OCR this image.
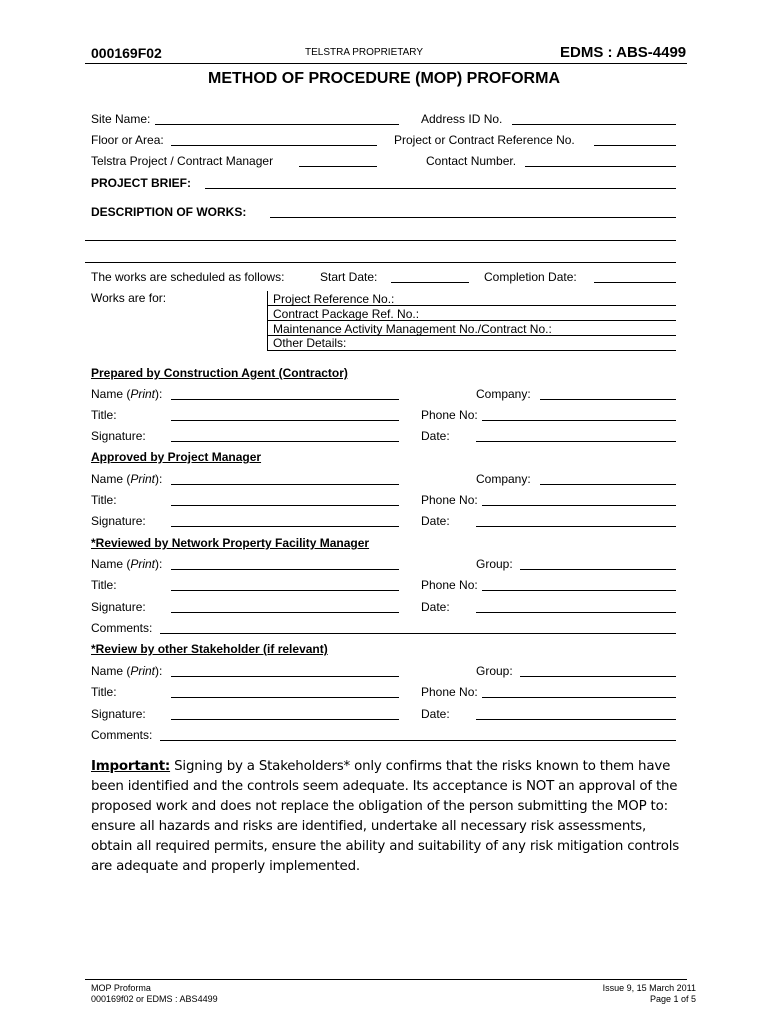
000169F02	TELSTRA PROPRIETARY	EDMS : ABS-4499
METHOD OF PROCEDURE (MOP) PROFORMA
Site Name:	Address ID No.
Floor or Area:	Project or Contract Reference No.
Telstra Project / Contract Manager	Contact Number.
PROJECT BRIEF:
DESCRIPTION OF WORKS:
The works are scheduled as follows:	Start Date:	Completion Date:
Works are for:	Project Reference No.:
Contract Package Ref. No.:
Maintenance Activity Management No./Contract No.:
Other Details:
Prepared by Construction Agent (Contractor)
Name (Print):	Company:
Title:	Phone No:
Signature:	Date:
Approved by Project Manager
Name (Print):	Company:
Title:	Phone No:
Signature:	Date:
*Reviewed by Network Property Facility Manager
Name (Print):	Group:
Title:	Phone No:
Signature:	Date:
Comments:
*Review by other Stakeholder (if relevant)
Name (Print):	Group:
Title:	Phone No:
Signature:	Date:
Comments:
Important: Signing by a Stakeholders* only confirms that the risks known to them have been identified and the controls seem adequate. Its acceptance is NOT an approval of the proposed work and does not replace the obligation of the person submitting the MOP to: ensure all hazards and risks are identified, undertake all necessary risk assessments, obtain all required permits, ensure the ability and suitability of any risk mitigation controls are adequate and properly implemented.
MOP Proforma
000169f02 or EDMS : ABS4499
Issue 9, 15 March 2011
Page 1 of 5
